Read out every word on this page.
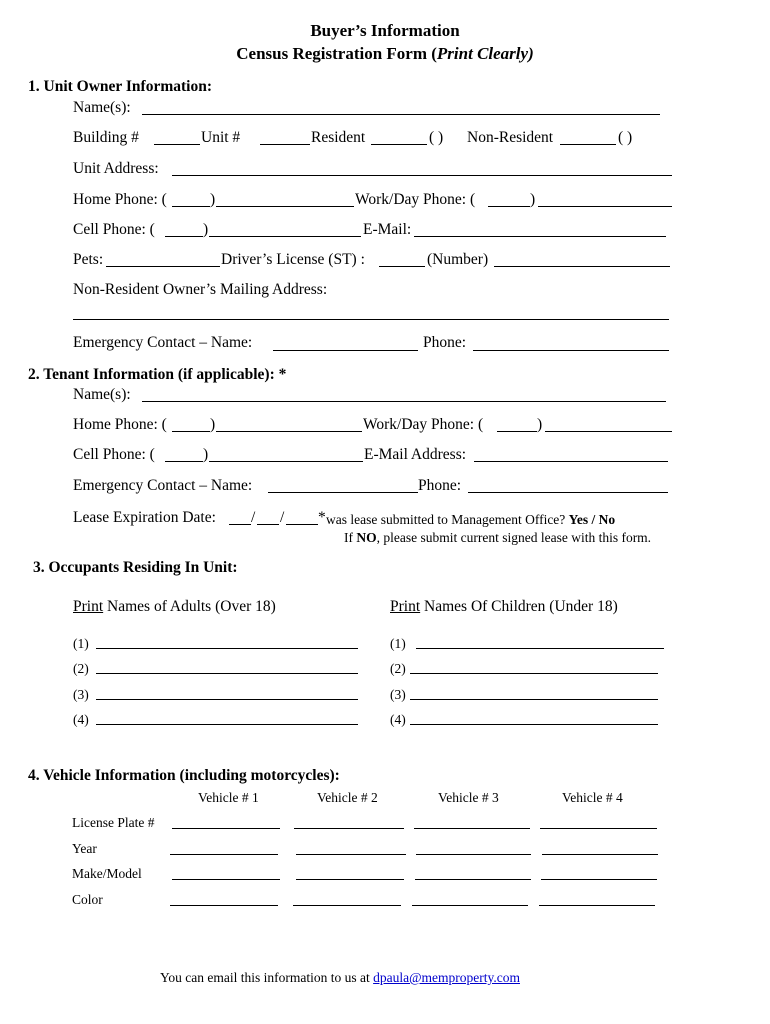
Buyer’s Information
Census Registration Form (Print Clearly)
1. Unit Owner Information:
Name(s):
Building #	Unit #	Resident	( ) Non-Resident	( )
Unit Address:
Home Phone: (	)	Work/Day Phone: (	)
Cell Phone: (	)	E-Mail:
Pets:	Driver’s License (ST) :	(Number)
Non-Resident Owner’s Mailing Address:
Emergency Contact – Name:	Phone:
2. Tenant Information (if applicable): *
Name(s):
Home Phone: (	)	Work/Day Phone: (	)
Cell Phone: (	)	E-Mail Address:
Emergency Contact – Name:	Phone:
Lease Expiration Date: / / * was lease submitted to Management Office? Yes / No
If NO, please submit current signed lease with this form.
3. Occupants Residing In Unit:
Print Names of Adults (Over 18)	Print Names Of Children (Under 18)
(1)	(1)
(2)	(2)
(3)	(3)
(4)	(4)
4. Vehicle Information (including motorcycles):
Vehicle # 1	Vehicle # 2	Vehicle # 3	Vehicle # 4
License Plate #
Year
Make/Model
Color
You can email this information to us at dpaula@memproperty.com
